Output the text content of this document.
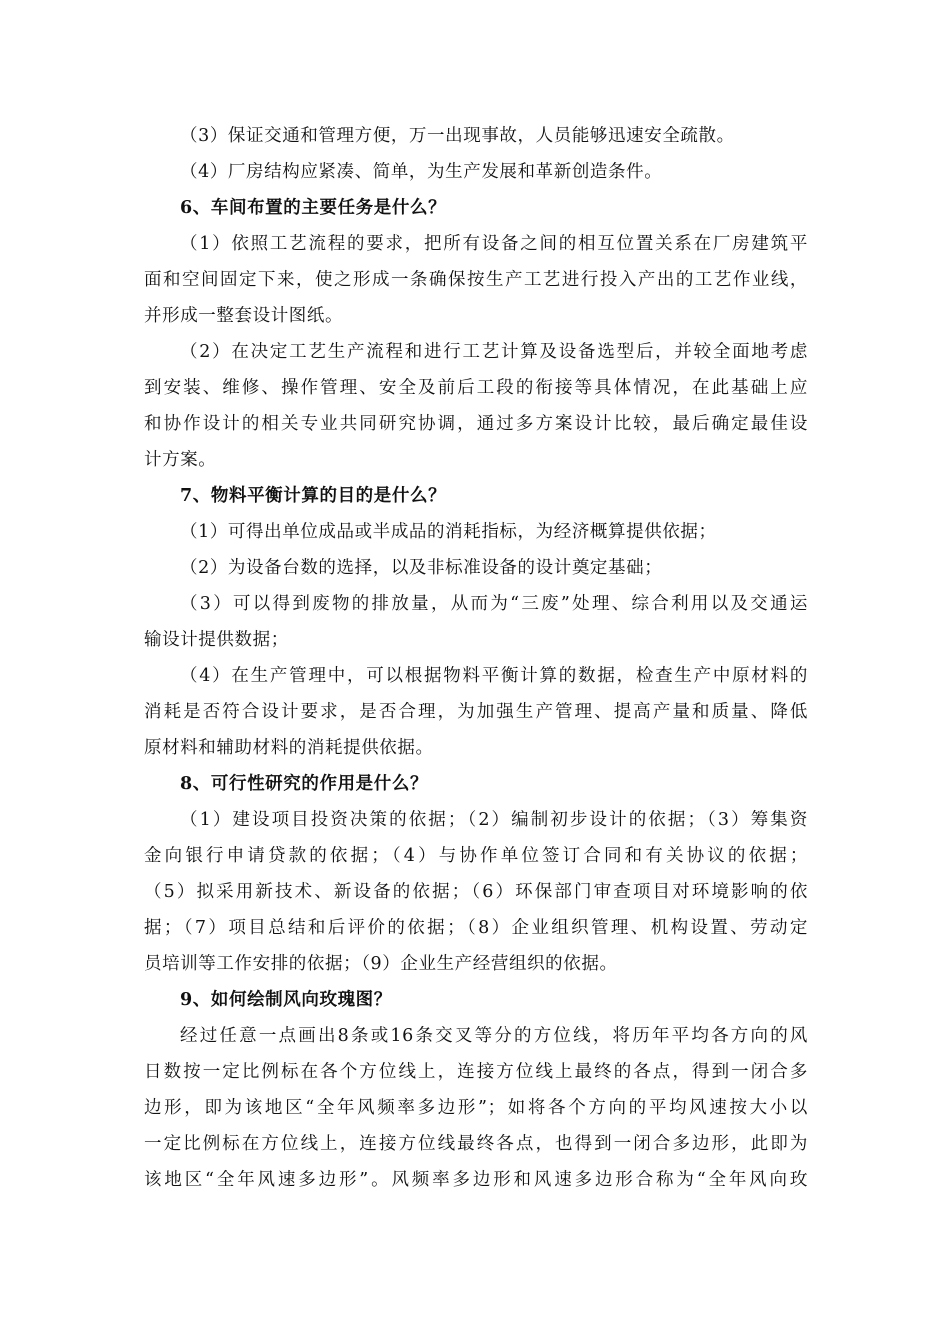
（3）保证交通和管理方便，万一出现事故，人员能够迅速安全疏散。
（4）厂房结构应紧凑、简单，为生产发展和革新创造条件。
6、车间布置的主要任务是什么？
（1）依照工艺流程的要求，把所有设备之间的相互位置关系在厂房建筑平
面和空间固定下来，使之形成一条确保按生产工艺进行投入产出的工艺作业线，
并形成一整套设计图纸。
（2）在决定工艺生产流程和进行工艺计算及设备选型后，并较全面地考虑
到安装、维修、操作管理、安全及前后工段的衔接等具体情况，在此基础上应
和协作设计的相关专业共同研究协调，通过多方案设计比较，最后确定最佳设
计方案。
7、物料平衡计算的目的是什么？
（1）可得出单位成品或半成品的消耗指标，为经济概算提供依据；
（2）为设备台数的选择，以及非标准设备的设计奠定基础；
（3）可以得到废物的排放量，从而为“三废”处理、综合利用以及交通运
输设计提供数据；
（4）在生产管理中，可以根据物料平衡计算的数据，检查生产中原材料的
消耗是否符合设计要求，是否合理，为加强生产管理、提高产量和质量、降低
原材料和辅助材料的消耗提供依据。
8、可行性研究的作用是什么？
（1）建设项目投资决策的依据；（2）编制初步设计的依据；（3）筹集资
金向银行申请贷款的依据；（4）与协作单位签订合同和有关协议的依据；
（5）拟采用新技术、新设备的依据；（6）环保部门审查项目对环境影响的依
据；（7）项目总结和后评价的依据；（8）企业组织管理、机构设置、劳动定
员培训等工作安排的依据；（9）企业生产经营组织的依据。
9、如何绘制风向玫瑰图？
经过任意一点画出8条或16条交叉等分的方位线，将历年平均各方向的风
日数按一定比例标在各个方位线上，连接方位线上最终的各点，得到一闭合多
边形，即为该地区“全年风频率多边形”；如将各个方向的平均风速按大小以
一定比例标在方位线上，连接方位线最终各点，也得到一闭合多边形，此即为
该地区“全年风速多边形”。风频率多边形和风速多边形合称为“全年风向玫
